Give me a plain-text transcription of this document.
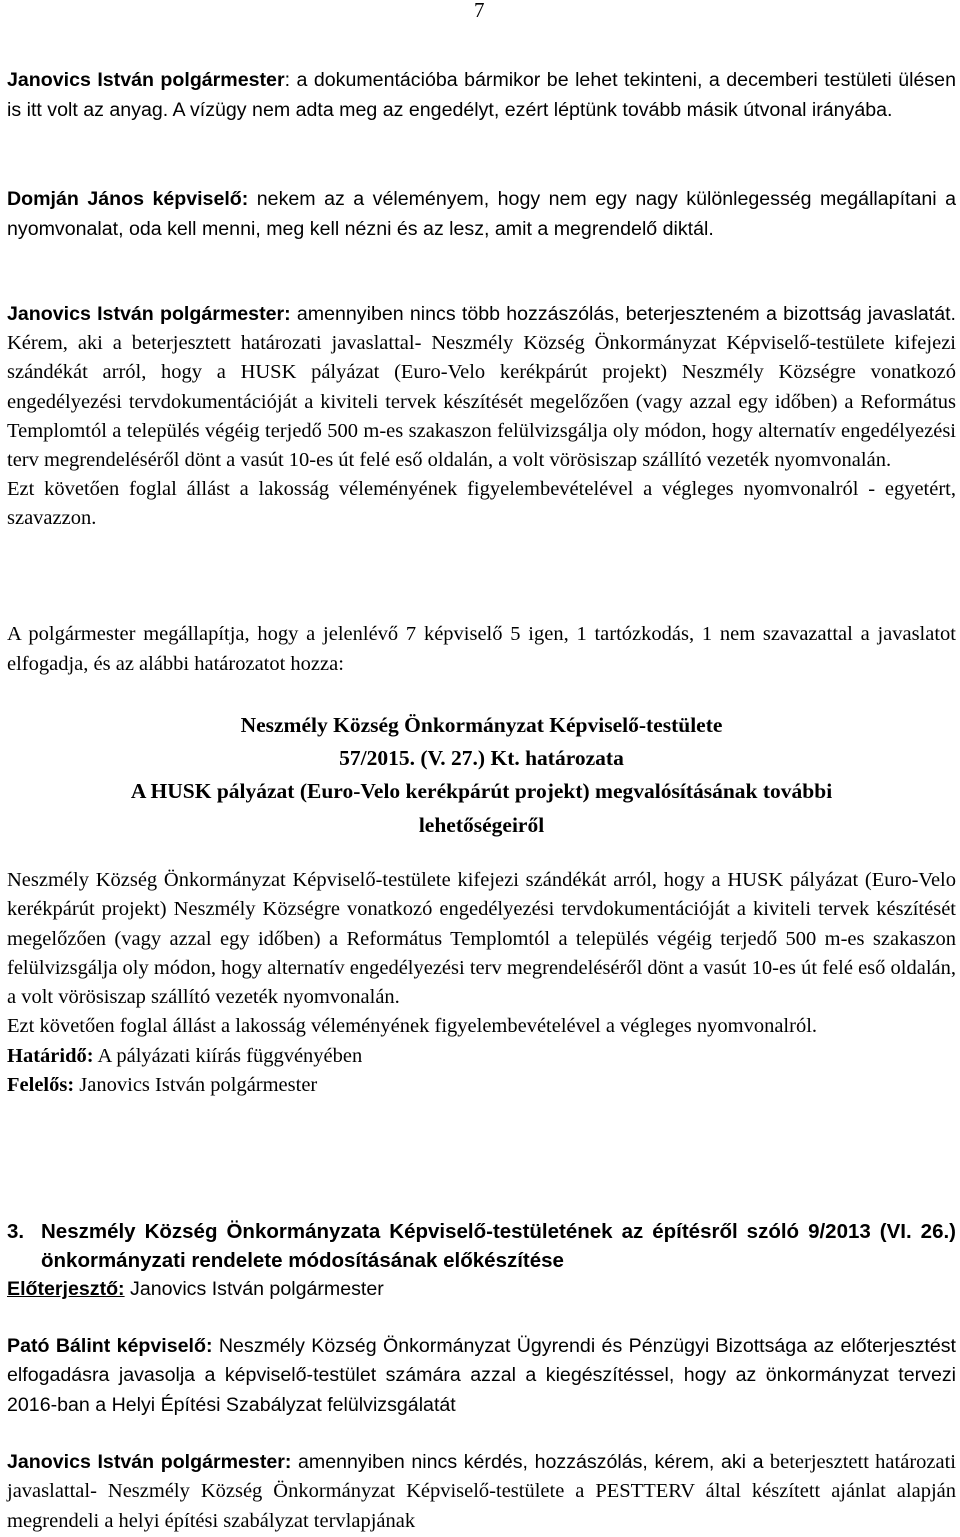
7
Janovics István polgármester: a dokumentációba bármikor be lehet tekinteni, a decemberi testületi ülésen is itt volt az anyag. A vízügy nem adta meg az engedélyt, ezért léptünk tovább másik útvonal irányába.
Domján János képviselő: nekem az a véleményem, hogy nem egy nagy különlegesség megállapítani a nyomvonalat, oda kell menni, meg kell nézni és az lesz, amit a megrendelő diktál.
Janovics István polgármester: amennyiben nincs több hozzászólás, beterjeszteném a bizottság javaslatát. Kérem, aki a beterjesztett határozati javaslattal- Neszmély Község Önkormányzat Képviselő-testülete kifejezi szándékát arról, hogy a HUSK pályázat (Euro-Velo kerékpárút projekt) Neszmély Községre vonatkozó engedélyezési tervdokumentációját a kiviteli tervek készítését megelőzően (vagy azzal egy időben) a Református Templomtól a település végéig terjedő 500 m-es szakaszon felülvizsgálja oly módon, hogy alternatív engedélyezési terv megrendeléséről dönt a vasút 10-es út felé eső oldalán, a volt vörösiszap szállító vezeték nyomvonalán.
Ezt követően foglal állást a lakosság véleményének figyelembevételével a végleges nyomvonalról - egyetért, szavazzon.
A polgármester megállapítja, hogy a jelenlévő 7 képviselő 5 igen, 1 tartózkodás, 1 nem szavazattal a javaslatot elfogadja, és az alábbi határozatot hozza:
Neszmély Község Önkormányzat Képviselő-testülete
57/2015. (V. 27.) Kt. határozata
A HUSK pályázat (Euro-Velo kerékpárút projekt) megvalósításának további
lehetőségeiről
Neszmély Község Önkormányzat Képviselő-testülete kifejezi szándékát arról, hogy a HUSK pályázat (Euro-Velo kerékpárút projekt) Neszmély Községre vonatkozó engedélyezési tervdokumentációját a kiviteli tervek készítését megelőzően (vagy azzal egy időben) a Református Templomtól a település végéig terjedő 500 m-es szakaszon felülvizsgálja oly módon, hogy alternatív engedélyezési terv megrendeléséről dönt a vasút 10-es út felé eső oldalán, a volt vörösiszap szállító vezeték nyomvonalán.
Ezt követően foglal állást a lakosság véleményének figyelembevételével a végleges nyomvonalról.
Határidő: A pályázati kiírás függvényében
Felelős: Janovics István polgármester
3. Neszmély Község Önkormányzata Képviselő-testületének az építésről szóló 9/2013 (VI. 26.) önkormányzati rendelete módosításának előkészítése
Előterjesztő: Janovics István polgármester
Pató Bálint képviselő: Neszmély Község Önkormányzat Ügyrendi és Pénzügyi Bizottsága az előterjesztést elfogadásra javasolja a képviselő-testület számára azzal a kiegészítéssel, hogy az önkormányzat tervezi 2016-ban a Helyi Építési Szabályzat felülvizsgálatát
Janovics István polgármester: amennyiben nincs kérdés, hozzászólás, kérem, aki a beterjesztett határozati javaslattal- Neszmély Község Önkormányzat Képviselő-testülete a PESTTERV által készített ajánlat alapján megrendeli a helyi építési szabályzat tervlapjának
